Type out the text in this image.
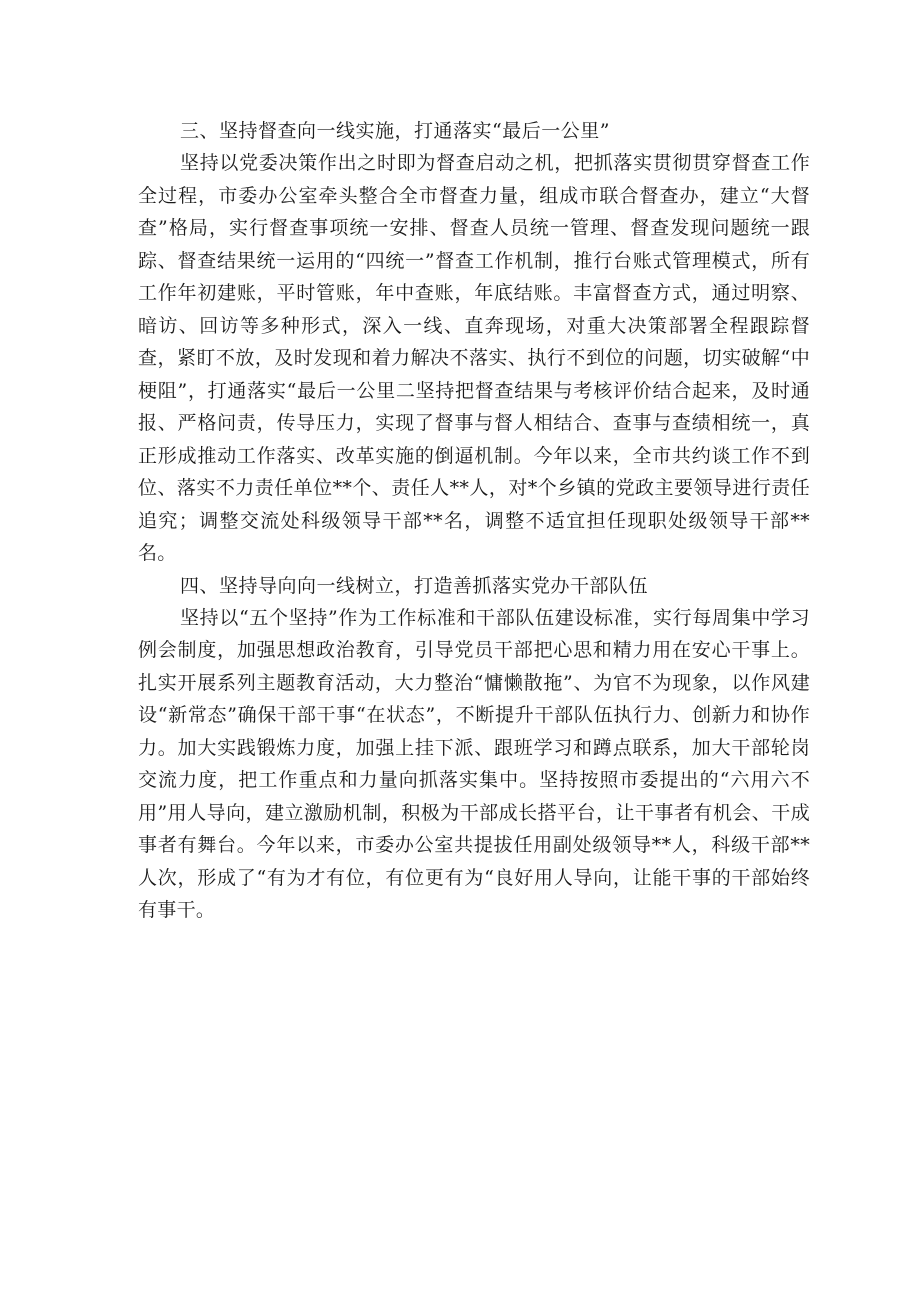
三、坚持督查向一线实施，打通落实“最后一公里”

坚持以党委决策作出之时即为督查启动之机，把抓落实贯彻贯穿督查工作全过程，市委办公室牵头整合全市督查力量，组成市联合督查办，建立“大督查”格局，实行督查事项统一安排、督查人员统一管理、督查发现问题统一跟踪、督查结果统一运用的“四统一”督查工作机制，推行台账式管理模式，所有工作年初建账，平时管账，年中查账，年底结账。丰富督查方式，通过明察、暗访、回访等多种形式，深入一线、直奔现场，对重大决策部署全程跟踪督查，紧盯不放，及时发现和着力解决不落实、执行不到位的问题，切实破解“中梗阻”，打通落实“最后一公里二坚持把督查结果与考核评价结合起来，及时通报、严格问责，传导压力，实现了督事与督人相结合、查事与查绩相统一，真正形成推动工作落实、改革实施的倒逼机制。今年以来，全市共约谈工作不到位、落实不力责任单位**个、责任人**人，对*个乡镇的党政主要领导进行责任追究；调整交流处科级领导干部**名，调整不适宜担任现职处级领导干部**名。

四、坚持导向向一线树立，打造善抓落实党办干部队伍

坚持以“五个坚持”作为工作标准和干部队伍建设标准，实行每周集中学习例会制度，加强思想政治教育，引导党员干部把心思和精力用在安心干事上。扎实开展系列主题教育活动，大力整治“慵懒散拖”、为官不为现象，以作风建设“新常态”确保干部干事“在状态”，不断提升干部队伍执行力、创新力和协作力。加大实践锻炼力度，加强上挂下派、跟班学习和蹲点联系，加大干部轮岗交流力度，把工作重点和力量向抓落实集中。坚持按照市委提出的“六用六不用”用人导向，建立激励机制，积极为干部成长搭平台，让干事者有机会、干成事者有舞台。今年以来，市委办公室共提拔任用副处级领导**人，科级干部**人次，形成了“有为才有位，有位更有为“良好用人导向，让能干事的干部始终有事干。
